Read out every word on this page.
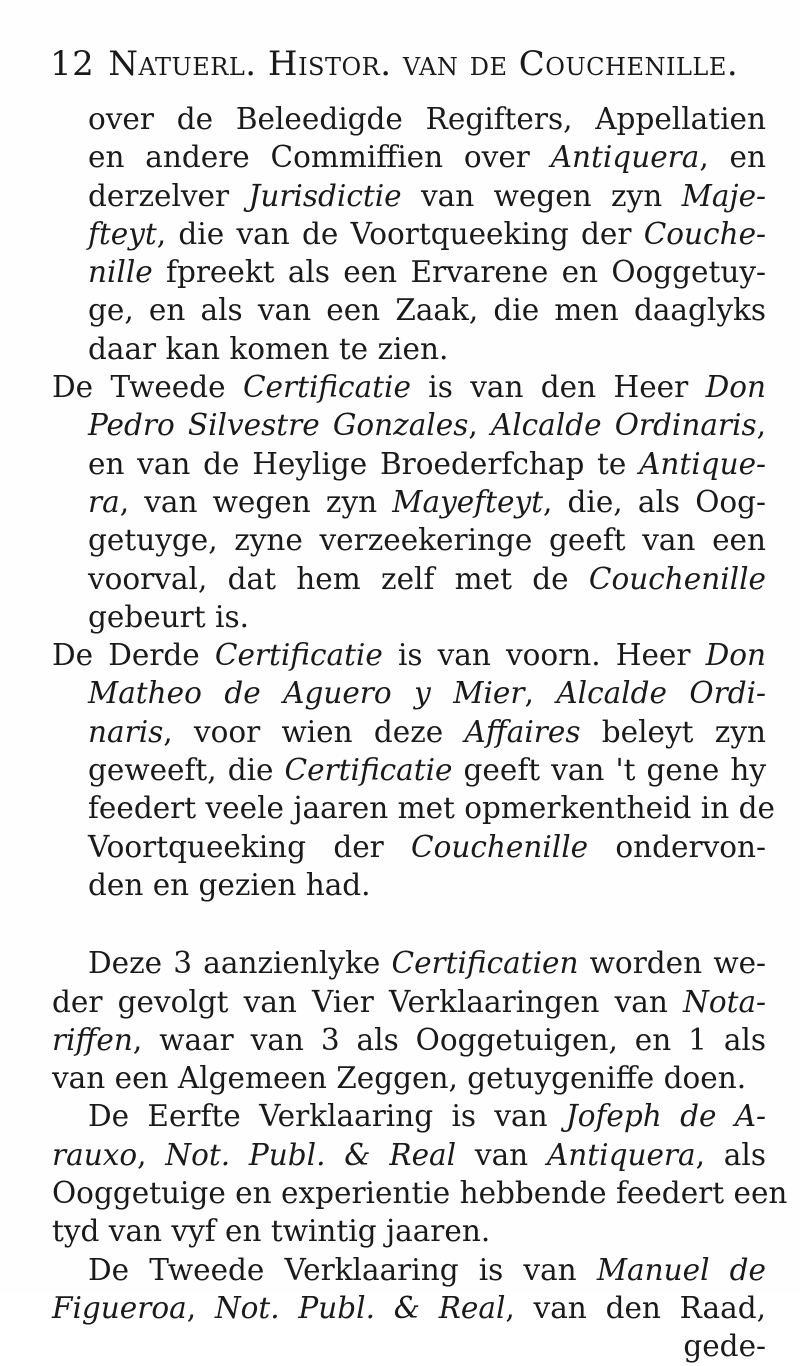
12 Natuerl. Histor. van de Couchenille.
over de Beleedigde Regifters, Appellatien
en andere Commiffien over Antiquera, en
derzelver Jurisdictie van wegen zyn Maje-
fteyt, die van de Voortqueeking der Couche-
nille fpreekt als een Ervarene en Ooggetuy-
ge, en als van een Zaak, die men daaglyks
daar kan komen te zien.
De Tweede Certificatie is van den Heer Don
Pedro Silvestre Gonzales, Alcalde Ordinaris,
en van de Heylige Broederfchap te Antique-
ra, van wegen zyn Mayefteyt, die, als Oog-
getuyge, zyne verzeekeringe geeft van een
voorval, dat hem zelf met de Couchenille
gebeurt is.
De Derde Certificatie is van voorn. Heer Don
Matheo de Aguero y Mier, Alcalde Ordi-
naris, voor wien deze Affaires beleyt zyn
geweeft, die Certificatie geeft van 't gene hy
feedert veele jaaren met opmerkentheid in de
Voortqueeking der Couchenille ondervon-
den en gezien had.
Deze 3 aanzienlyke Certificatien worden we-
der gevolgt van Vier Verklaaringen van Nota-
riffen, waar van 3 als Ooggetuigen, en 1 als
van een Algemeen Zeggen, getuygeniffe doen.
De Eerfte Verklaaring is van Jofeph de A-
rauxo, Not. Publ. & Real van Antiquera, als
Ooggetuige en experientie hebbende feedert een
tyd van vyf en twintig jaaren.
De Tweede Verklaaring is van Manuel de
Figueroa, Not. Publ. & Real, van den Raad,
gede-
